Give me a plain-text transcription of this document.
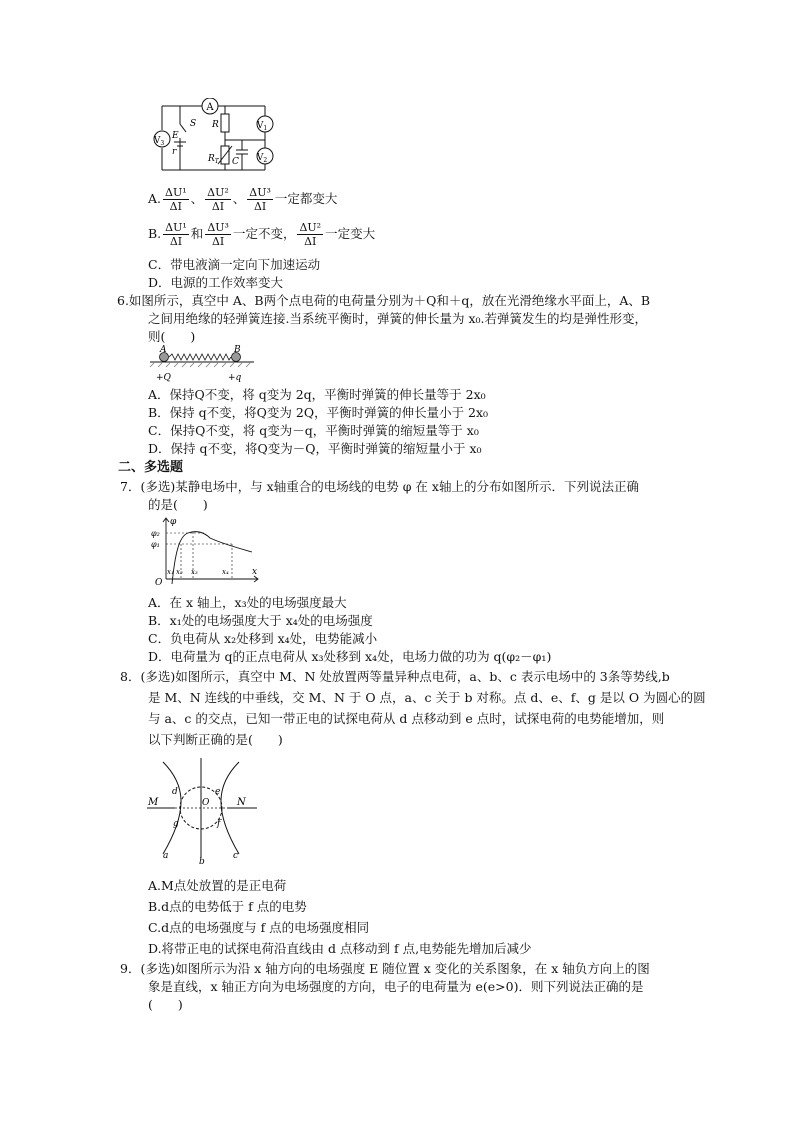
A
$V_3$
$V_1$
$V_2$
E
r
S R
$R_T$ C
A. $\frac{\text{ΔU¹}}{\Delta I}$ 、 $\frac{\text{ΔU²}}{\Delta I}$ 、 $\frac{\text{ΔU³}}{\Delta I}$ 一定都变大
B. $\frac{\text{ΔU¹}}{\Delta I}$ 和 $\frac{\text{ΔU³}}{\Delta I}$ 一定不变， $\frac{\text{ΔU²}}{\Delta I}$ 一定变大
C．带电液滴一定向下加速运动
D．电源的工作效率变大
6.如图所示，真空中 A、B两个点电荷的电荷量分别为＋Q和＋q，放在光滑绝缘水平面上，A、B
之间用绝缘的轻弹簧连接.当系统平衡时，弹簧的伸长量为 x₀.若弹簧发生的均是弹性形变，
则(　　)
A	B
+Q	+q
A．保持Q不变，将 q变为 2q，平衡时弹簧的伸长量等于 2x₀
B．保持 q不变，将Q变为 2Q，平衡时弹簧的伸长量小于 2x₀
C．保持Q不变，将 q变为－q，平衡时弹簧的缩短量等于 x₀
D．保持 q不变，将Q变为－Q，平衡时弹簧的缩短量小于 x₀
二、多选题
7．(多选)某静电场中，与 x轴重合的电场线的电势 φ 在 x轴上的分布如图所示．下列说法正确
的是(　　)
φ
φ₂
φ₁
O
x₁ x₂ x₃	x₄	x
A．在 x 轴上，x₃处的电场强度最大
B．x₁处的电场强度大于 x₄处的电场强度
C．负电荷从 x₂处移到 x₄处，电势能减小
D．电荷量为 q的正点电荷从 x₃处移到 x₄处，电场力做的功为 q(φ₂－φ₁)
8．(多选)如图所示，真空中 M、N 处放置两等量异种点电荷，a、b、c 表示电场中的 3条等势线,b
是 M、N 连线的中垂线，交 M、N 于 O 点，a、c 关于 b 对称。点 d、e、f、g 是以 O 为圆心的圆
与 a、c 的交点，已知一带正电的试探电荷从 d 点移动到 e 点时，试探电荷的电势能增加，则
以下判断正确的是(　　)
M	N
O
d	e
f
g
a
b
c
A.M点处放置的是正电荷
B.d点的电势低于 f 点的电势
C.d点的电场强度与 f 点的电场强度相同
D.将带正电的试探电荷沿直线由 d 点移动到 f 点,电势能先增加后减少
9．(多选)如图所示为沿 x 轴方向的电场强度 E 随位置 x 变化的关系图象，在 x 轴负方向上的图
象是直线，x 轴正方向为电场强度的方向，电子的电荷量为 e(e>0)．则下列说法正确的是
(　　)
